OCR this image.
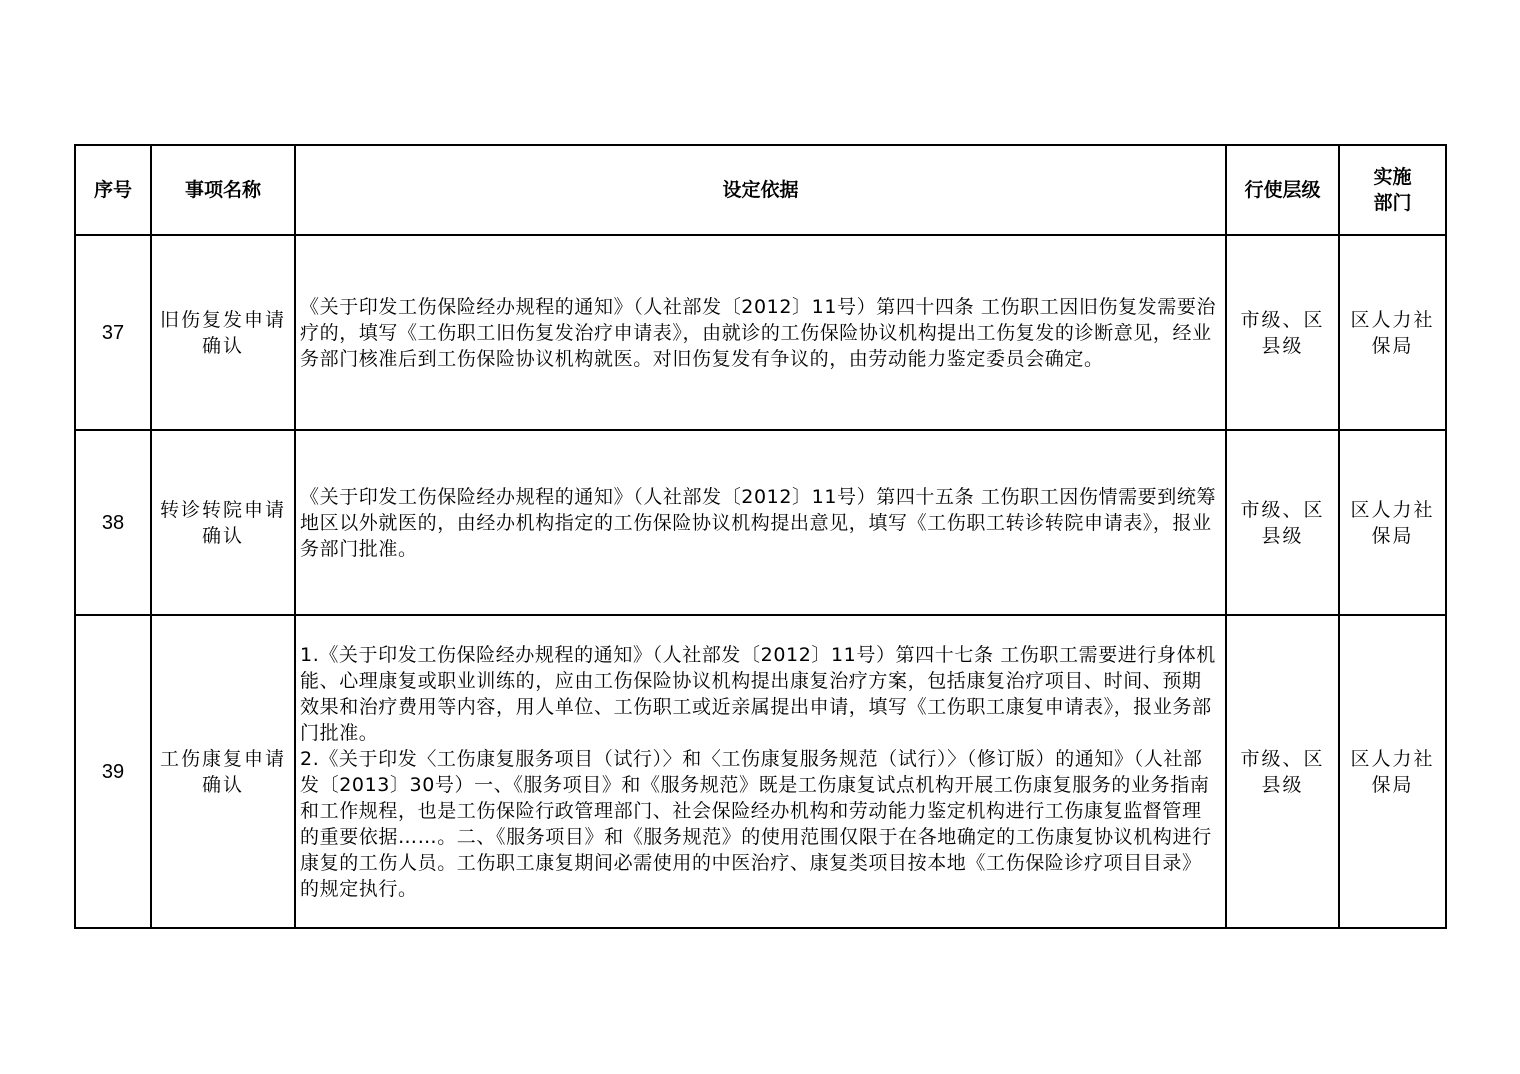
序号	事项名称	设定依据	行使层级	实施
部门

37	旧伤复发申请确认	《关于印发工伤保险经办规程的通知》（人社部发〔2012〕11号）第四十四条 工伤职工因旧伤复发需要治疗的，填写《工伤职工旧伤复发治疗申请表》，由就诊的工伤保险协议机构提出工伤复发的诊断意见，经业务部门核准后到工伤保险协议机构就医。对旧伤复发有争议的，由劳动能力鉴定委员会确定。	市级、区县级	区人力社保局
38	转诊转院申请确认	《关于印发工伤保险经办规程的通知》（人社部发〔2012〕11号）第四十五条 工伤职工因伤情需要到统筹地区以外就医的，由经办机构指定的工伤保险协议机构提出意见，填写《工伤职工转诊转院申请表》，报业务部门批准。	市级、区县级	区人力社保局
39	工伤康复申请确认	1.《关于印发工伤保险经办规程的通知》（人社部发〔2012〕11号）第四十七条 工伤职工需要进行身体机能、心理康复或职业训练的，应由工伤保险协议机构提出康复治疗方案，包括康复治疗项目、时间、预期效果和治疗费用等内容，用人单位、工伤职工或近亲属提出申请，填写《工伤职工康复申请表》，报业务部门批准。
2.《关于印发〈工伤康复服务项目（试行）〉和〈工伤康复服务规范（试行）〉（修订版）的通知》（人社部发〔2013〕30号）一、《服务项目》和《服务规范》既是工伤康复试点机构开展工伤康复服务的业务指南和工作规程，也是工伤保险行政管理部门、社会保险经办机构和劳动能力鉴定机构进行工伤康复监督管理的重要依据……。二、《服务项目》和《服务规范》的使用范围仅限于在各地确定的工伤康复协议机构进行康复的工伤人员。工伤职工康复期间必需使用的中医治疗、康复类项目按本地《工伤保险诊疗项目目录》的规定执行。	市级、区县级	区人力社保局
